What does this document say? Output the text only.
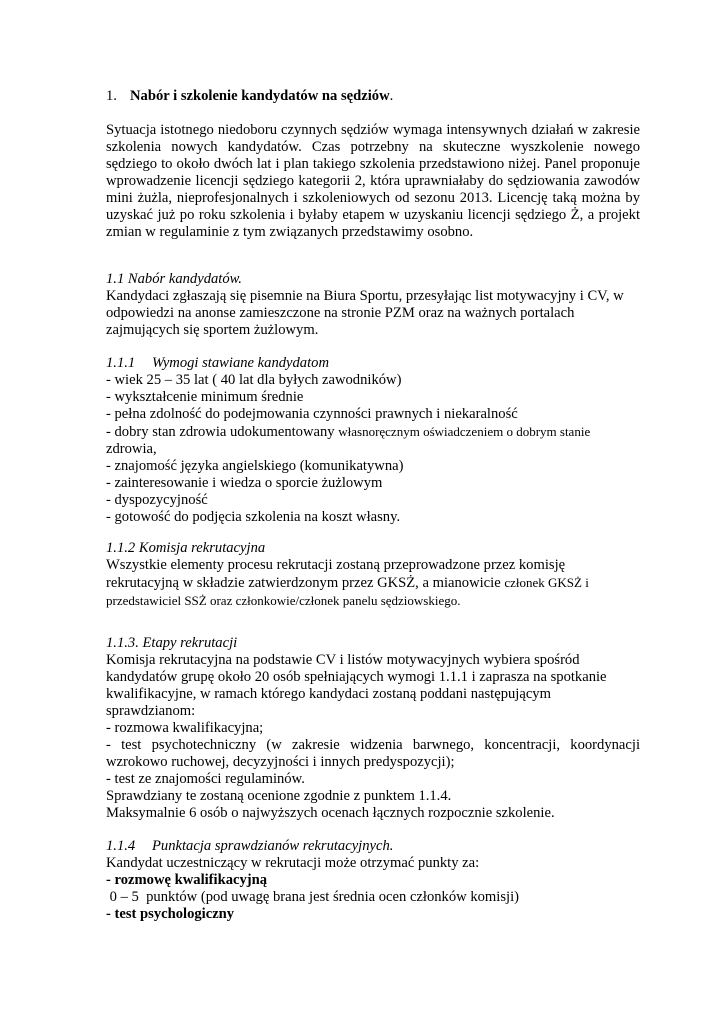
1. Nabór i szkolenie kandydatów na sędziów.

Sytuacja istotnego niedoboru czynnych sędziów wymaga intensywnych działań w zakresie szkolenia nowych kandydatów. Czas potrzebny na skuteczne wyszkolenie nowego sędziego to około dwóch lat i plan takiego szkolenia przedstawiono niżej. Panel proponuje wprowadzenie licencji sędziego kategorii 2, która uprawniałaby do sędziowania zawodów mini żużla, nieprofesjonalnych i szkoleniowych od sezonu 2013. Licencję taką można by uzyskać już po roku szkolenia i byłaby etapem w uzyskaniu licencji sędziego Ż, a projekt zmian w regulaminie z tym związanych przedstawimy osobno.

1.1 Nabór kandydatów.
Kandydaci zgłaszają się pisemnie na Biura Sportu, przesyłając list motywacyjny i CV, w
odpowiedzi na anonse zamieszczone na stronie PZM oraz na ważnych portalach
zajmujących się sportem żużlowym.

1.1.1 Wymogi stawiane kandydatom
- wiek 25 – 35 lat ( 40 lat dla byłych zawodników)
- wykształcenie minimum średnie
- pełna zdolność do podejmowania czynności prawnych i niekaralność
- dobry stan zdrowia udokumentowany własnoręcznym oświadczeniem o dobrym stanie
zdrowia,
- znajomość języka angielskiego (komunikatywna)
- zainteresowanie i wiedza o sporcie żużlowym
- dyspozycyjność
- gotowość do podjęcia szkolenia na koszt własny.

1.1.2 Komisja rekrutacyjna
Wszystkie elementy procesu rekrutacji zostaną przeprowadzone przez komisję
rekrutacyjną w składzie zatwierdzonym przez GKSŻ, a mianowicie członek GKSŻ i
przedstawiciel SSŻ oraz członkowie/członek panelu sędziowskiego.

1.1.3. Etapy rekrutacji
Komisja rekrutacyjna na podstawie CV i listów motywacyjnych wybiera spośród
kandydatów grupę około 20 osób spełniających wymogi 1.1.1 i zaprasza na spotkanie
kwalifikacyjne, w ramach którego kandydaci zostaną poddani następującym
sprawdzianom:
- rozmowa kwalifikacyjna;

- test psychotechniczny (w zakresie widzenia barwnego, koncentracji, koordynacji wzrokowo ruchowej, decyzyjności i innych predyspozycji);

- test ze znajomości regulaminów.
Sprawdziany te zostaną ocenione zgodnie z punktem 1.1.4.
Maksymalnie 6 osób o najwyższych ocenach łącznych rozpocznie szkolenie.

1.1.4 Punktacja sprawdzianów rekrutacyjnych.
Kandydat uczestniczący w rekrutacji może otrzymać punkty za:
- rozmowę kwalifikacyjną
0 – 5  punktów (pod uwagę brana jest średnia ocen członków komisji)
- test psychologiczny
